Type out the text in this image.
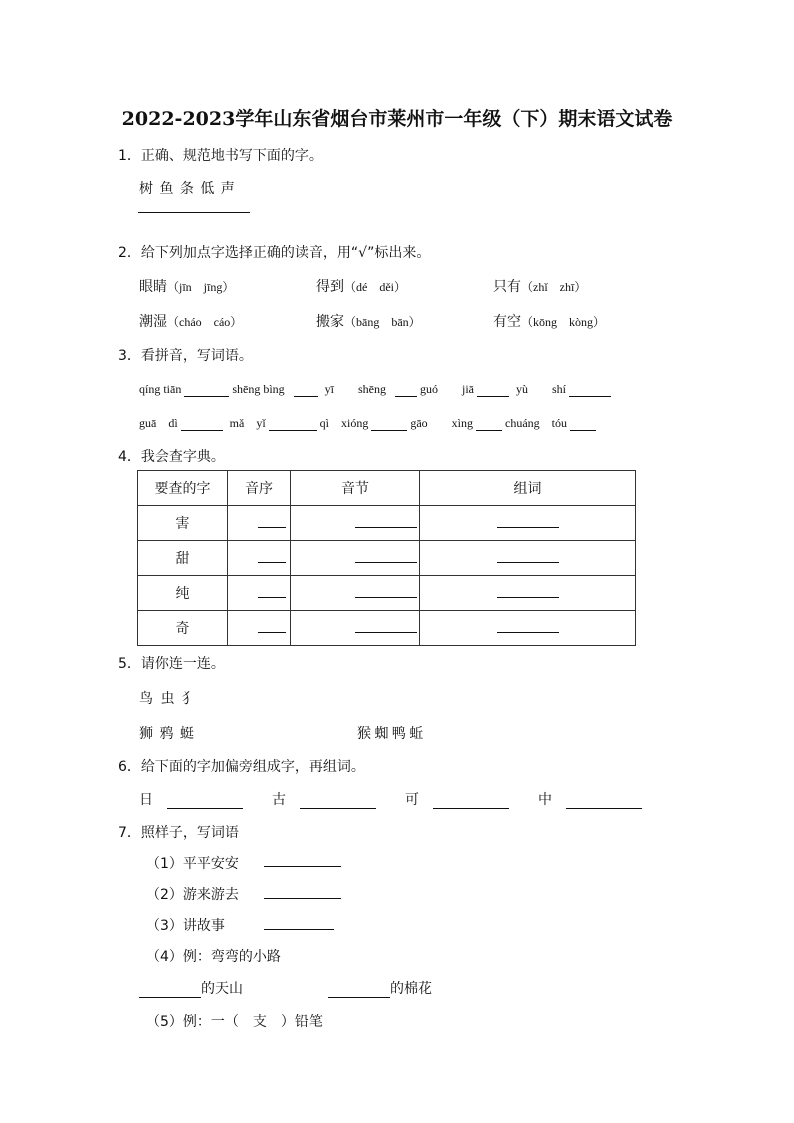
2022-2023学年山东省烟台市莱州市一年级（下）期末语文试卷
1．正确、规范地书写下面的字。
树 鱼 条 低 声
2．给下列加点字选择正确的读音，用“√”标出来。
眼睛（jīn　jīng）	得到（dé　děi）	只有（zhǐ　zhī）
潮湿（cháo　cáo）	搬家（bāng　bān）	有空（kōng　kòng）
3．看拼音，写词语。
qíng tiān	shēng bìng	yī　　shēng	guó　　jiā	yù　　shí
guā　dì	mǎ　yǐ	qì　xióng	gāo　　xìng	chuáng　tóu
4．我会查字典。
要查的字	音序	音节	组词
害			
甜			
纯			
奇			
5．请你连一连。
鸟 虫 犭
狮 鸦 蜓	猴 蜘 鸭 蚯
6．给下面的字加偏旁组成字，再组词。
日	古	可	中
7．照样子，写词语
（1）平平安安
（2）游来游去
（3）讲故事
（4）例：弯弯的小路
的天山	的棉花
（5）例：一（　支　）铅笔
